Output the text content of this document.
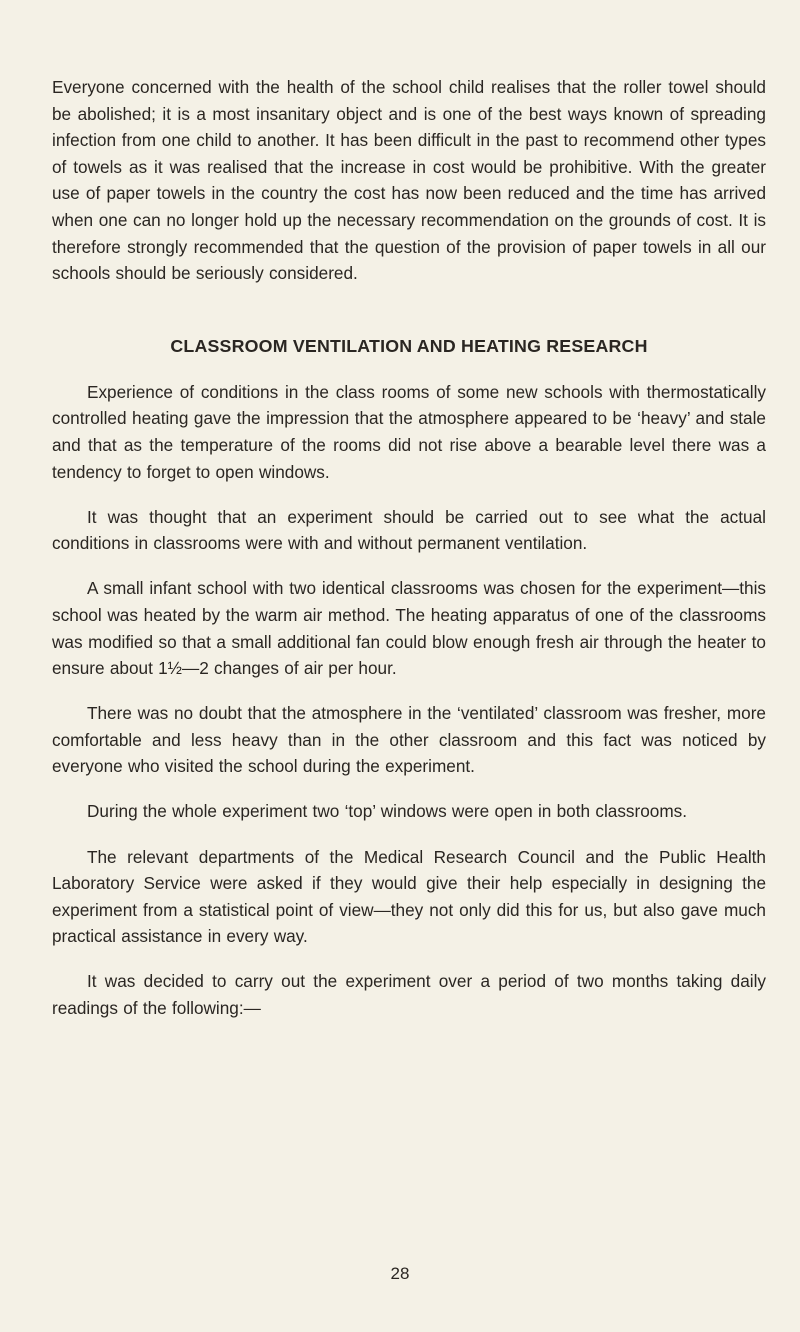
Everyone concerned with the health of the school child realises that the roller towel should be abolished; it is a most insanitary object and is one of the best ways known of spreading infection from one child to another. It has been difficult in the past to recommend other types of towels as it was realised that the increase in cost would be prohibitive. With the greater use of paper towels in the country the cost has now been reduced and the time has arrived when one can no longer hold up the necessary recommendation on the grounds of cost. It is therefore strongly recommended that the question of the provision of paper towels in all our schools should be seriously considered.

CLASSROOM VENTILATION AND HEATING RESEARCH

Experience of conditions in the class rooms of some new schools with thermostatically controlled heating gave the impression that the atmosphere appeared to be ‘heavy’ and stale and that as the temperature of the rooms did not rise above a bearable level there was a tendency to forget to open windows.

It was thought that an experiment should be carried out to see what the actual conditions in classrooms were with and without permanent ventilation.

A small infant school with two identical classrooms was chosen for the experiment—this school was heated by the warm air method. The heating apparatus of one of the classrooms was modified so that a small additional fan could blow enough fresh air through the heater to ensure about 1½—2 changes of air per hour.

There was no doubt that the atmosphere in the ‘ventilated’ classroom was fresher, more comfortable and less heavy than in the other classroom and this fact was noticed by everyone who visited the school during the experiment.

During the whole experiment two ‘top’ windows were open in both classrooms.

The relevant departments of the Medical Research Council and the Public Health Laboratory Service were asked if they would give their help especially in designing the experiment from a statistical point of view—they not only did this for us, but also gave much practical assistance in every way.

It was decided to carry out the experiment over a period of two months taking daily readings of the following:—

28
